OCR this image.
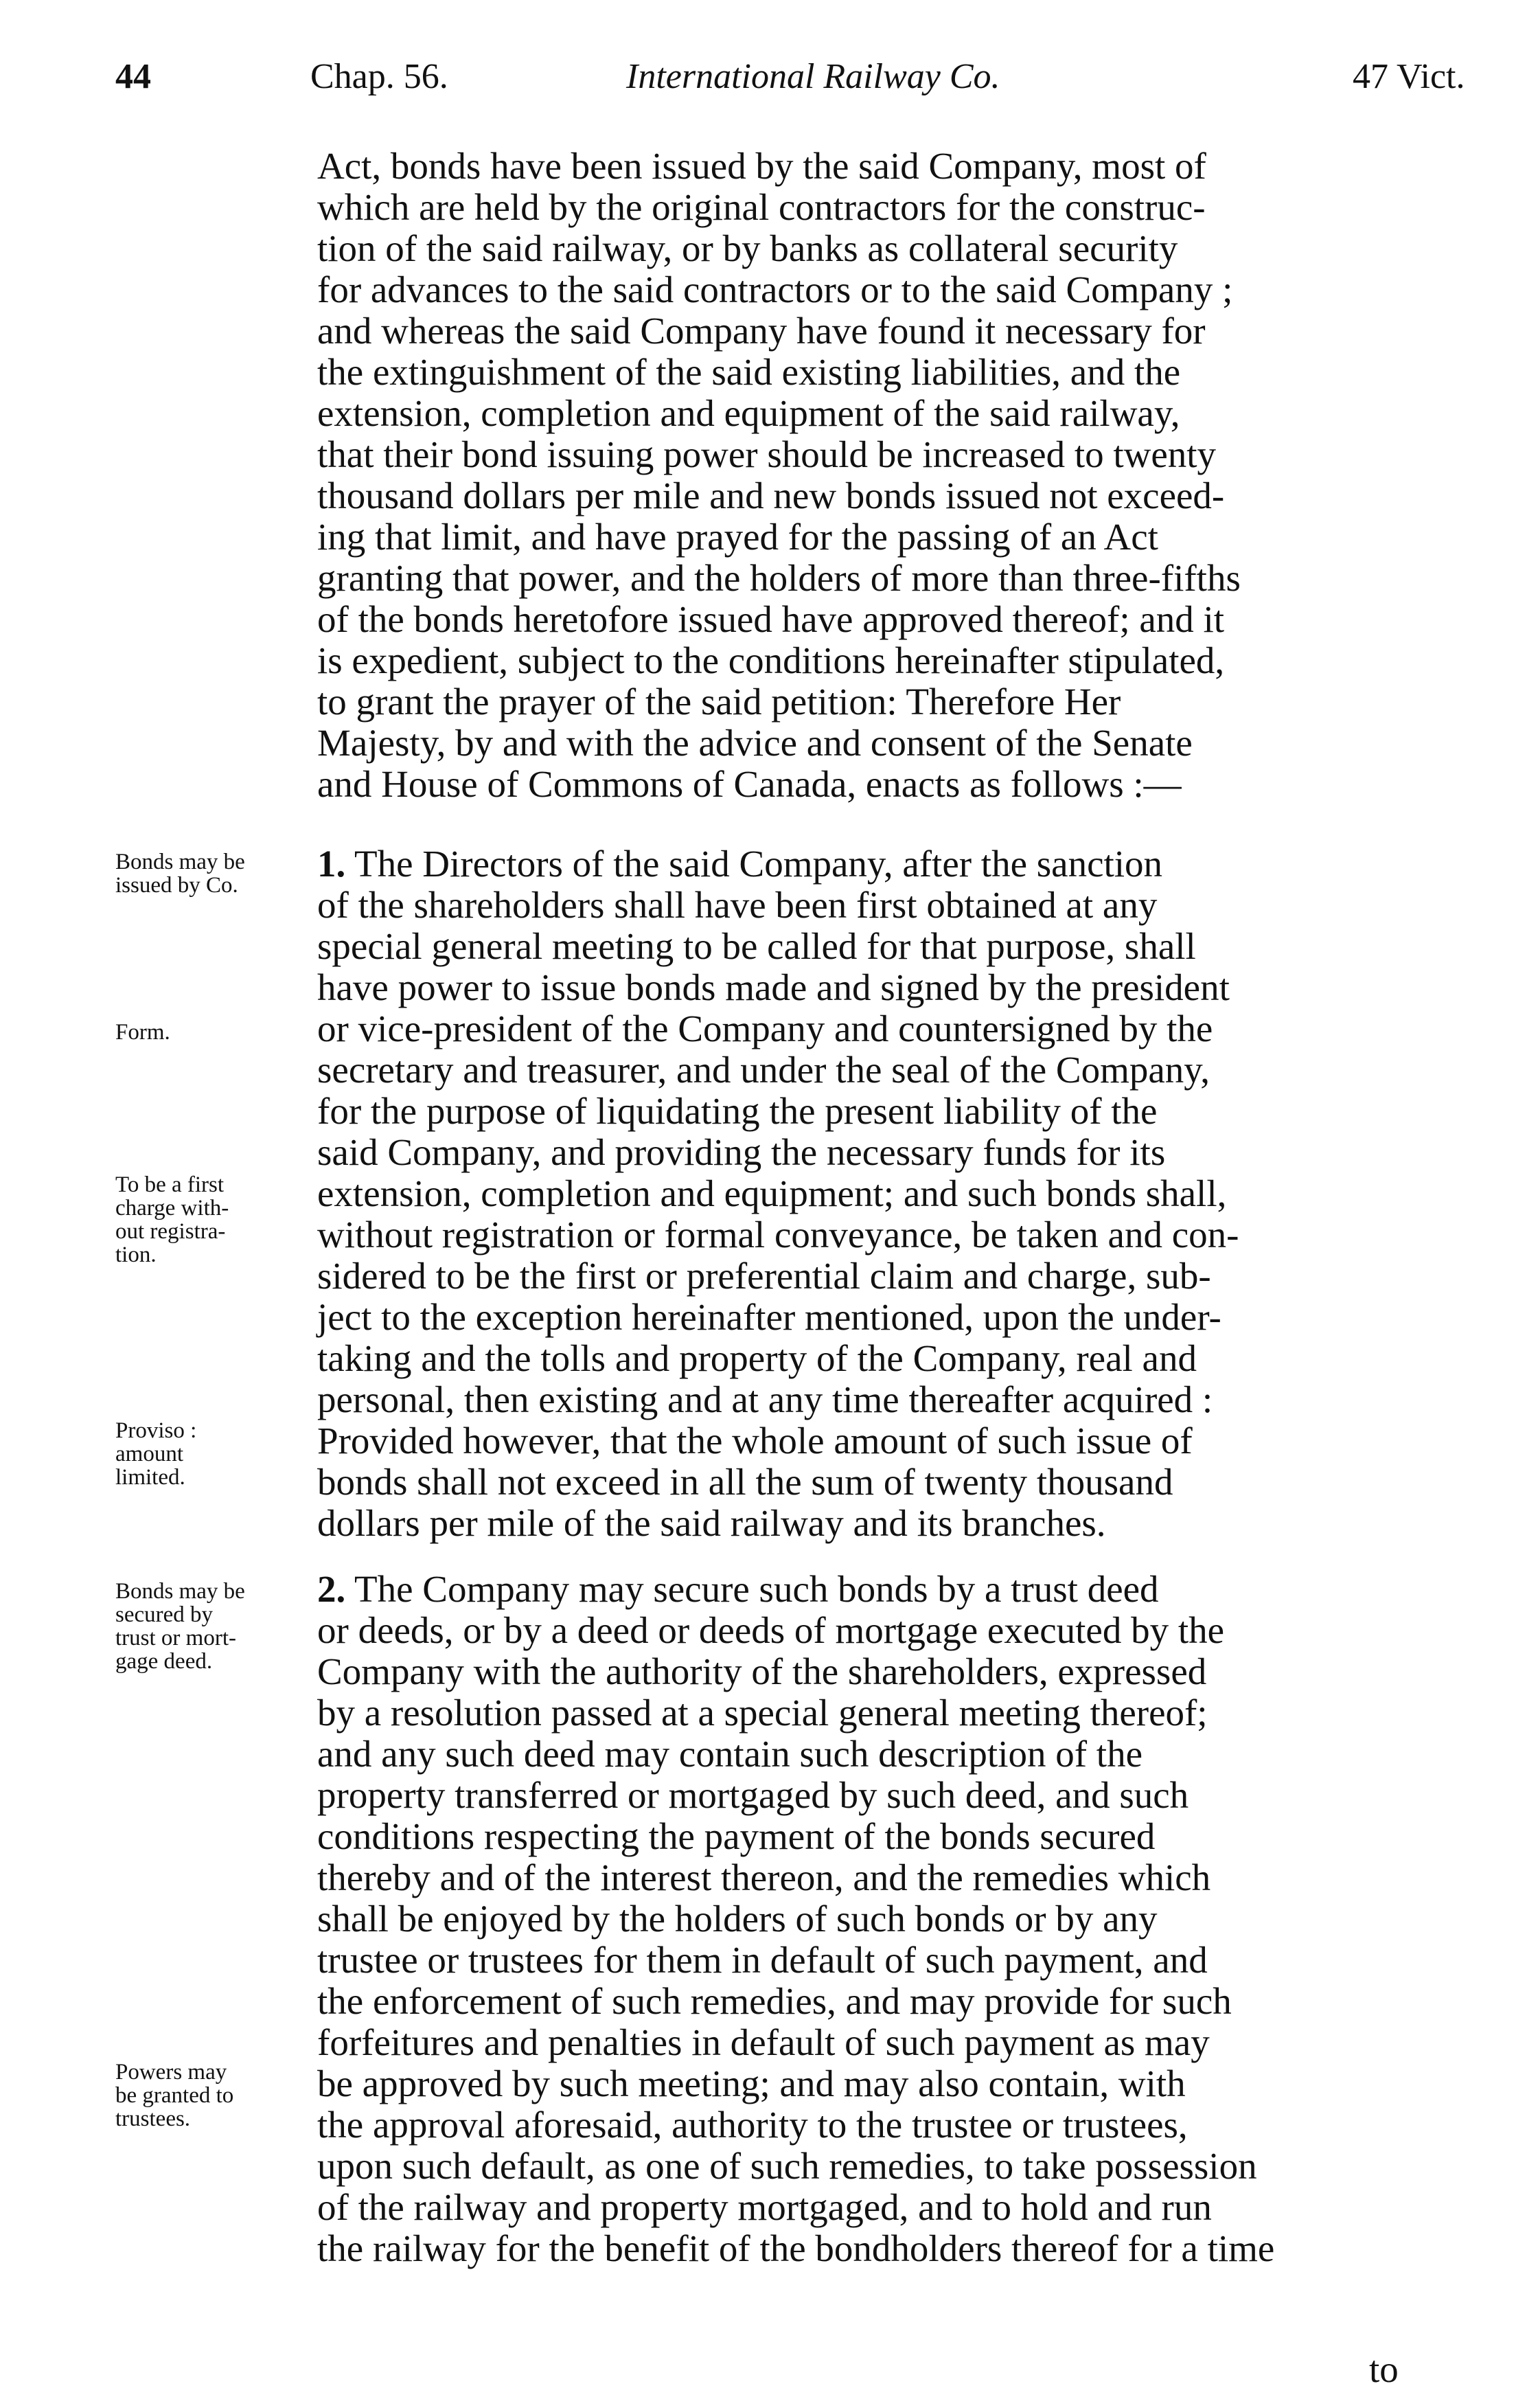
44	Chap. 56.	International Railway Co.	47 Vict.
Act, bonds have been issued by the said Company, most of
which are held by the original contractors for the construc-
tion of the said railway, or by banks as collateral security
for advances to the said contractors or to the said Company ;
and whereas the said Company have found it necessary for
the extinguishment of the said existing liabilities, and the
extension, completion and equipment of the said railway,
that their bond issuing power should be increased to twenty
thousand dollars per mile and new bonds issued not exceed-
ing that limit, and have prayed for the passing of an Act
granting that power, and the holders of more than three-fifths
of the bonds heretofore issued have approved thereof; and it
is expedient, subject to the conditions hereinafter stipulated,
to grant the prayer of the said petition: Therefore Her
Majesty, by and with the advice and consent of the Senate
and House of Commons of Canada, enacts as follows :—
1. The Directors of the said Company, after the sanction
of the shareholders shall have been first obtained at any
special general meeting to be called for that purpose, shall
have power to issue bonds made and signed by the president
or vice-president of the Company and countersigned by the
secretary and treasurer, and under the seal of the Company,
for the purpose of liquidating the present liability of the
said Company, and providing the necessary funds for its
extension, completion and equipment; and such bonds shall,
without registration or formal conveyance, be taken and con-
sidered to be the first or preferential claim and charge, sub-
ject to the exception hereinafter mentioned, upon the under-
taking and the tolls and property of the Company, real and
personal, then existing and at any time thereafter acquired :
Provided however, that the whole amount of such issue of
bonds shall not exceed in all the sum of twenty thousand
dollars per mile of the said railway and its branches.
2. The Company may secure such bonds by a trust deed
or deeds, or by a deed or deeds of mortgage executed by the
Company with the authority of the shareholders, expressed
by a resolution passed at a special general meeting thereof;
and any such deed may contain such description of the
property transferred or mortgaged by such deed, and such
conditions respecting the payment of the bonds secured
thereby and of the interest thereon, and the remedies which
shall be enjoyed by the holders of such bonds or by any
trustee or trustees for them in default of such payment, and
the enforcement of such remedies, and may provide for such
forfeitures and penalties in default of such payment as may
be approved by such meeting; and may also contain, with
the approval aforesaid, authority to the trustee or trustees,
upon such default, as one of such remedies, to take possession
of the railway and property mortgaged, and to hold and run
the railway for the benefit of the bondholders thereof for a time
to
Bonds may be
issued by Co.
Form.
To be a first
charge with-
out registra-
tion.
Proviso :
amount
limited.
Bonds may be
secured by
trust or mort-
gage deed.
Powers may
be granted to
trustees.
